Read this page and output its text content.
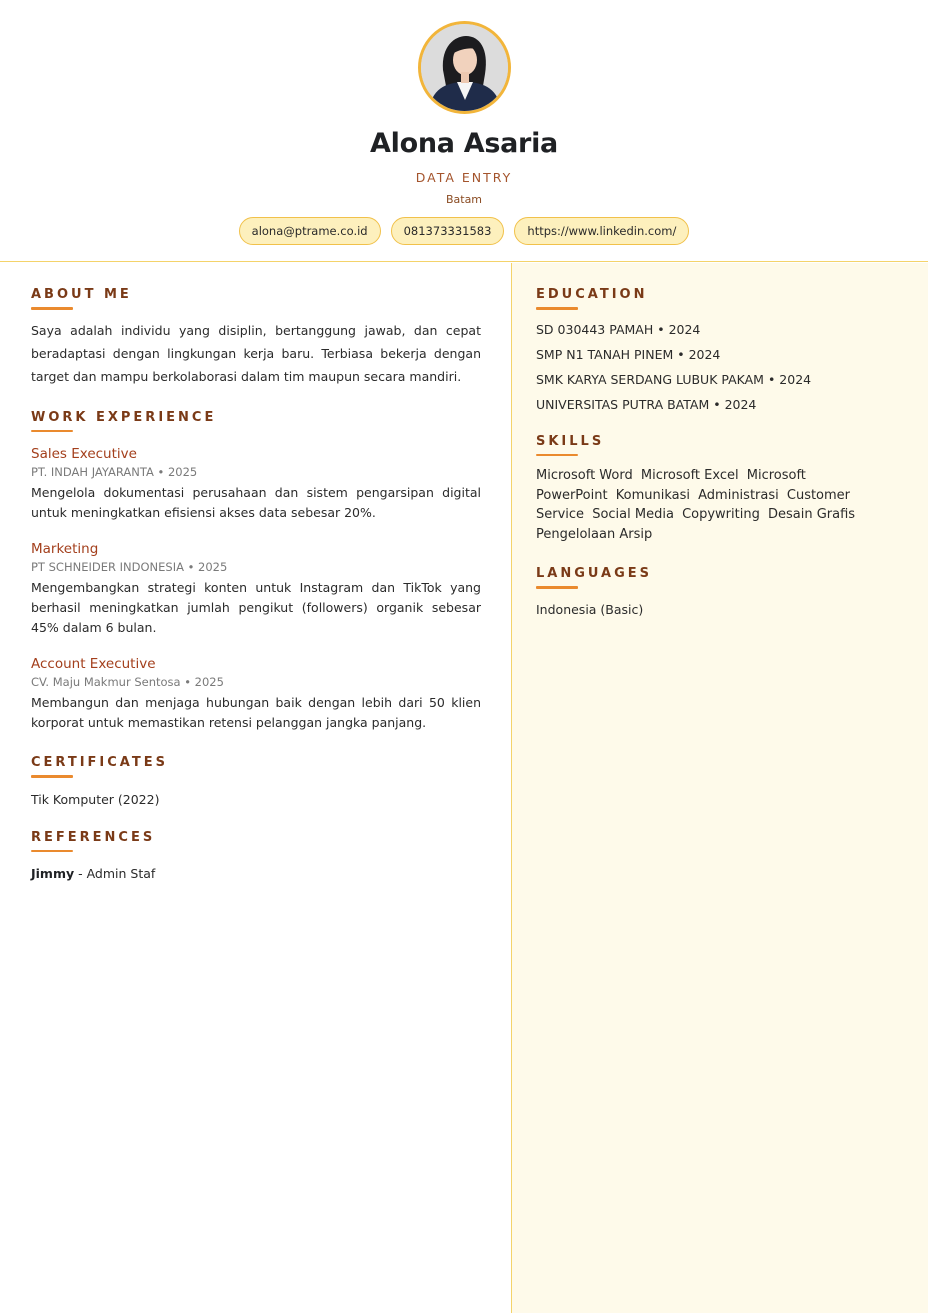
Alona Asaria
DATA ENTRY
Batam
alona@ptrame.co.id	081373331583	https://www.linkedin.com/
ABOUT ME
Saya adalah individu yang disiplin, bertanggung jawab, dan cepat beradaptasi dengan lingkungan kerja baru. Terbiasa bekerja dengan target dan mampu berkolaborasi dalam tim maupun secara mandiri.
WORK EXPERIENCE
Sales Executive
PT. INDAH JAYARANTA • 2025
Mengelola dokumentasi perusahaan dan sistem pengarsipan digital untuk meningkatkan efisiensi akses data sebesar 20%.
Marketing
PT SCHNEIDER INDONESIA • 2025
Mengembangkan strategi konten untuk Instagram dan TikTok yang berhasil meningkatkan jumlah pengikut (followers) organik sebesar 45% dalam 6 bulan.
Account Executive
CV. Maju Makmur Sentosa • 2025
Membangun dan menjaga hubungan baik dengan lebih dari 50 klien korporat untuk memastikan retensi pelanggan jangka panjang.
CERTIFICATES
Tik Komputer (2022)
REFERENCES
Jimmy - Admin Staf
EDUCATION
SD 030443 PAMAH • 2024
SMP N1 TANAH PINEM • 2024
SMK KARYA SERDANG LUBUK PAKAM • 2024
UNIVERSITAS PUTRA BATAM • 2024
SKILLS
Microsoft Word Microsoft Excel Microsoft PowerPoint Komunikasi Administrasi Customer Service Social Media Copywriting Desain Grafis Pengelolaan Arsip
LANGUAGES
Indonesia (Basic)
